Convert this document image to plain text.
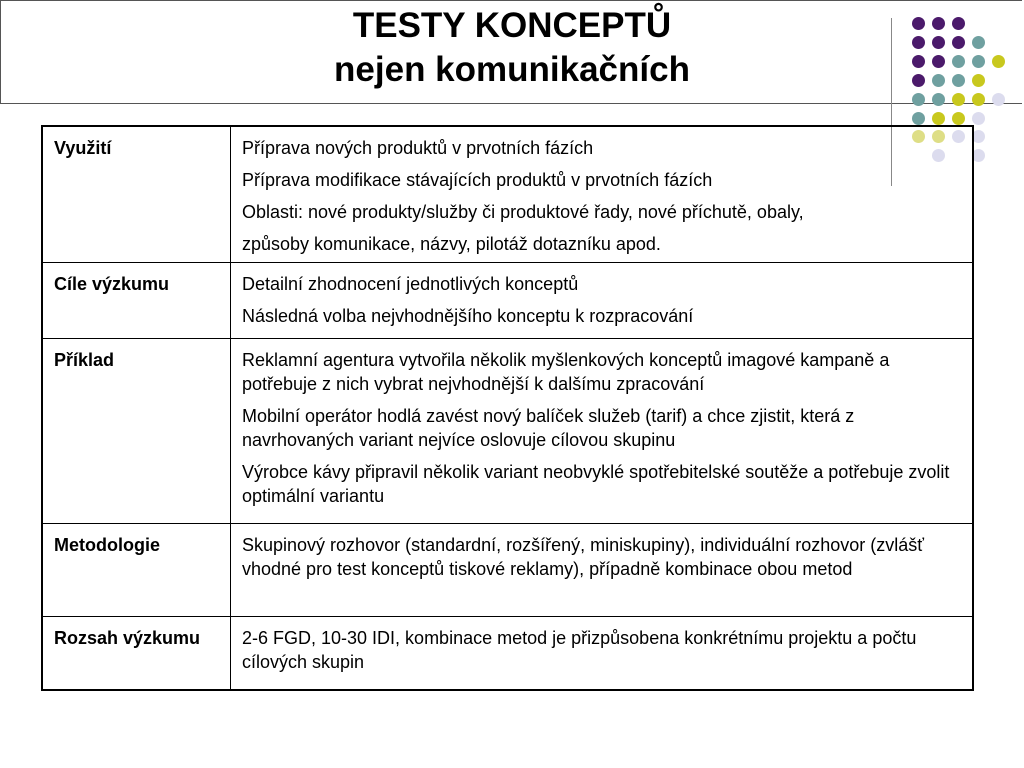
TESTY KONCEPTŮ
nejen komunikačních
Využití	Příprava nových produktů v prvotních fázích
Příprava modifikace stávajících produktů v prvotních fázích
Oblasti: nové produkty/služby či produktové řady, nové příchutě, obaly,
způsoby komunikace, názvy, pilotáž dotazníku apod.

Cíle výzkumu	Detailní zhodnocení jednotlivých konceptů
Následná volba nejvhodnějšího konceptu k rozpracování

Příklad	Reklamní agentura vytvořila několik myšlenkových konceptů imagové kampaně a potřebuje z nich vybrat nejvhodnější k dalšímu zpracování
Mobilní operátor hodlá zavést nový balíček služeb (tarif) a chce zjistit, která z navrhovaných variant nejvíce oslovuje cílovou skupinu
Výrobce kávy připravil několik variant neobvyklé spotřebitelské soutěže a potřebuje zvolit optimální variantu

Metodologie	Skupinový rozhovor (standardní, rozšířený, miniskupiny), individuální rozhovor (zvlášť vhodné pro test konceptů tiskové reklamy), případně kombinace obou metod

Rozsah výzkumu	2-6 FGD, 10-30 IDI, kombinace metod je přizpůsobena konkrétnímu projektu a počtu cílových skupin
